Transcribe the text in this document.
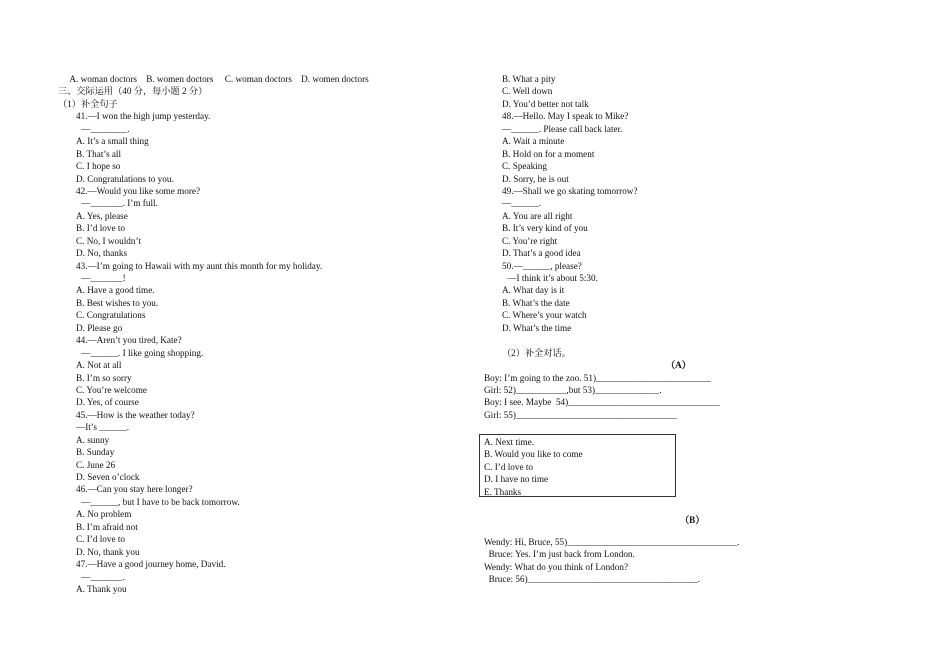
A. woman doctors    B. women doctors     C. woman doctors    D. women doctors
三、交际运用（40 分，每小题 2 分）
（1）补全句子
41.—I won the high jump yesterday.
—________.
A. It’s a small thing
B. That’s all
C. I hope so
D. Congratulations to you.
42.—Would you like some more?
—_______. I’m full.
A. Yes, please
B. I’d love to
C. No, I wouldn’t
D. No, thanks
43.—I’m going to Hawaii with my aunt this month for my holiday.
—_______!
A. Have a good time.
B. Best wishes to you.
C. Congratulations
D. Please go
44.—Aren’t you tired, Kate?
—______. I like going shopping.
A. Not at all
B. I’m so sorry
C. You’re welcome
D. Yes, of course
45.—How is the weather today?
—It’s ______.
A. sunny
B. Sunday
C. June 26
D. Seven o’clock
46.—Can you stay here longer?
—______, but I have to be back tomorrow.
A. No problem
B. I’m afraid not
C. I’d love to
D. No, thank you
47.—Have a good journey home, David.
—_______.
A. Thank you
B. What a pity
C. Well down
D. You’d better not talk
48.—Hello. May I speak to Mike?
—______. Please call back later.
A. Wait a minute
B. Hold on for a moment
C. Speaking
D. Sorry, he is out
49.—Shall we go skating tomorrow?
—______.
A. You are all right
B. It’s very kind of you
C. You’re right
D. That’s a good idea
50.—______, please?
—I think it’s about 5:30.
A. What day is it
B. What’s the date
C. Where’s your watch
D. What’s the time
（2）补全对话。
（A）
Boy: I’m going to the zoo. 51)_________________________
Girl: 52)___________,but 53)______________.
Boy: I see. Maybe  54)_________________________________
Girl: 55)___________________________________
A. Next time.
B. Would you like to come
C. I’d love to
D. I have no time
E. Thanks
（B）
Wendy: Hi, Bruce, 55)_____________________________________.
Bruce: Yes. I’m just back from London.
Wendy: What do you think of London?
Bruce: 56)_____________________________________.
